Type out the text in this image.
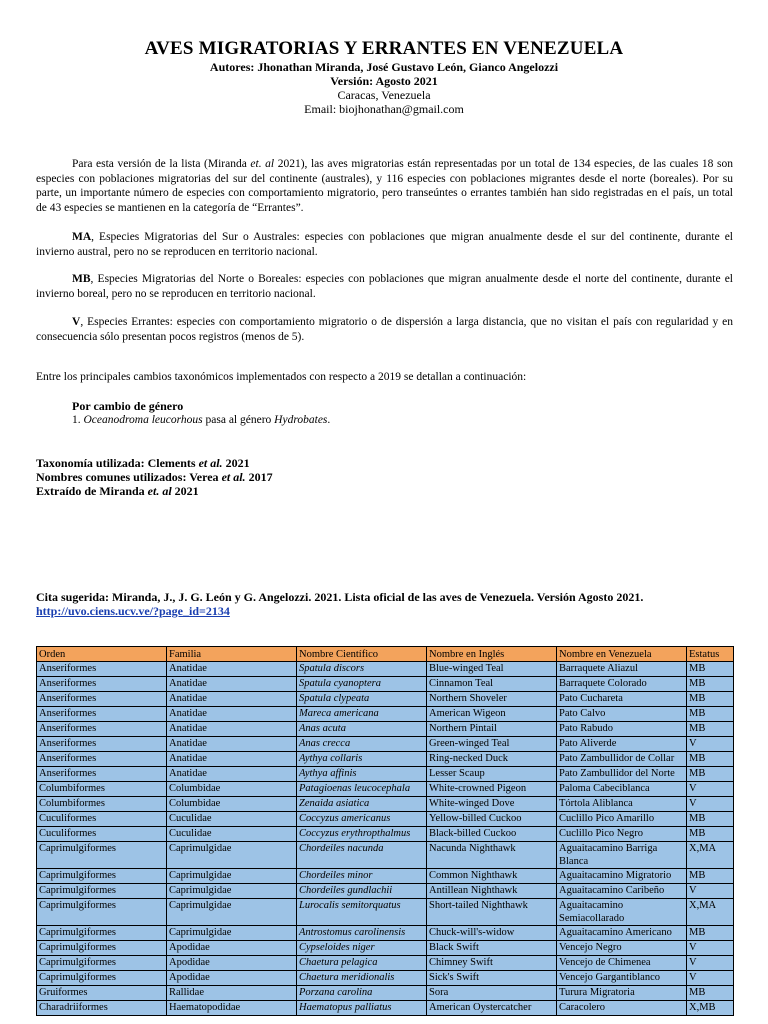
AVES MIGRATORIAS Y ERRANTES EN VENEZUELA
Autores: Jhonathan Miranda, José Gustavo León, Gianco Angelozzi
Versión: Agosto 2021
Caracas, Venezuela
Email: biojhonathan@gmail.com
Para esta versión de la lista (Miranda et. al 2021), las aves migratorias están representadas por un total de 134 especies, de las cuales 18 son especies con poblaciones migratorias del sur del continente (australes), y 116 especies con poblaciones migrantes desde el norte (boreales). Por su parte, un importante número de especies con comportamiento migratorio, pero transeúntes o errantes también han sido registradas en el país, un total de 43 especies se mantienen en la categoría de “Errantes”.
MA, Especies Migratorias del Sur o Australes: especies con poblaciones que migran anualmente desde el sur del continente, durante el invierno austral, pero no se reproducen en territorio nacional.
MB, Especies Migratorias del Norte o Boreales: especies con poblaciones que migran anualmente desde el norte del continente, durante el invierno boreal, pero no se reproducen en territorio nacional.
V, Especies Errantes: especies con comportamiento migratorio o de dispersión a larga distancia, que no visitan el país con regularidad y en consecuencia sólo presentan pocos registros (menos de 5).
Entre los principales cambios taxonómicos implementados con respecto a 2019 se detallan a continuación:
Por cambio de género
1. Oceanodroma leucorhous pasa al género Hydrobates.
Taxonomía utilizada: Clements et al. 2021
Nombres comunes utilizados: Verea et al. 2017
Extraído de Miranda et. al 2021
Cita sugerida: Miranda, J., J. G. León y G. Angelozzi. 2021. Lista oficial de las aves de Venezuela. Versión Agosto 2021.
http://uvo.ciens.ucv.ve/?page_id=2134
Orden	Familia	Nombre Científico	Nombre en Inglés	Nombre en Venezuela	Estatus
Anseriformes	Anatidae	Spatula discors	Blue-winged Teal	Barraquete Aliazul	MB
Anseriformes	Anatidae	Spatula cyanoptera	Cinnamon Teal	Barraquete Colorado	MB
Anseriformes	Anatidae	Spatula clypeata	Northern Shoveler	Pato Cuchareta	MB
Anseriformes	Anatidae	Mareca americana	American Wigeon	Pato Calvo	MB
Anseriformes	Anatidae	Anas acuta	Northern Pintail	Pato Rabudo	MB
Anseriformes	Anatidae	Anas crecca	Green-winged Teal	Pato Aliverde	V
Anseriformes	Anatidae	Aythya collaris	Ring-necked Duck	Pato Zambullidor de Collar	MB
Anseriformes	Anatidae	Aythya affinis	Lesser Scaup	Pato Zambullidor del Norte	MB
Columbiformes	Columbidae	Patagioenas leucocephala	White-crowned Pigeon	Paloma Cabeciblanca	V
Columbiformes	Columbidae	Zenaida asiatica	White-winged Dove	Tórtola Aliblanca	V
Cuculiformes	Cuculidae	Coccyzus americanus	Yellow-billed Cuckoo	Cuclillo Pico Amarillo	MB
Cuculiformes	Cuculidae	Coccyzus erythropthalmus	Black-billed Cuckoo	Cuclillo Pico Negro	MB
Caprimulgiformes	Caprimulgidae	Chordeiles nacunda	Nacunda Nighthawk	Aguaitacamino Barriga Blanca	X,MA
Caprimulgiformes	Caprimulgidae	Chordeiles minor	Common Nighthawk	Aguaitacamino Migratorio	MB
Caprimulgiformes	Caprimulgidae	Chordeiles gundlachii	Antillean Nighthawk	Aguaitacamino Caribeño	V
Caprimulgiformes	Caprimulgidae	Lurocalis semitorquatus	Short-tailed Nighthawk	Aguaitacamino Semiacollarado	X,MA
Caprimulgiformes	Caprimulgidae	Antrostomus carolinensis	Chuck-will's-widow	Aguaitacamino Americano	MB
Caprimulgiformes	Apodidae	Cypseloides niger	Black Swift	Vencejo Negro	V
Caprimulgiformes	Apodidae	Chaetura pelagica	Chimney Swift	Vencejo de Chimenea	V
Caprimulgiformes	Apodidae	Chaetura meridionalis	Sick's Swift	Vencejo Gargantiblanco	V
Gruiformes	Rallidae	Porzana carolina	Sora	Turura Migratoria	MB
Charadriiformes	Haematopodidae	Haematopus palliatus	American Oystercatcher	Caracolero	X,MB
